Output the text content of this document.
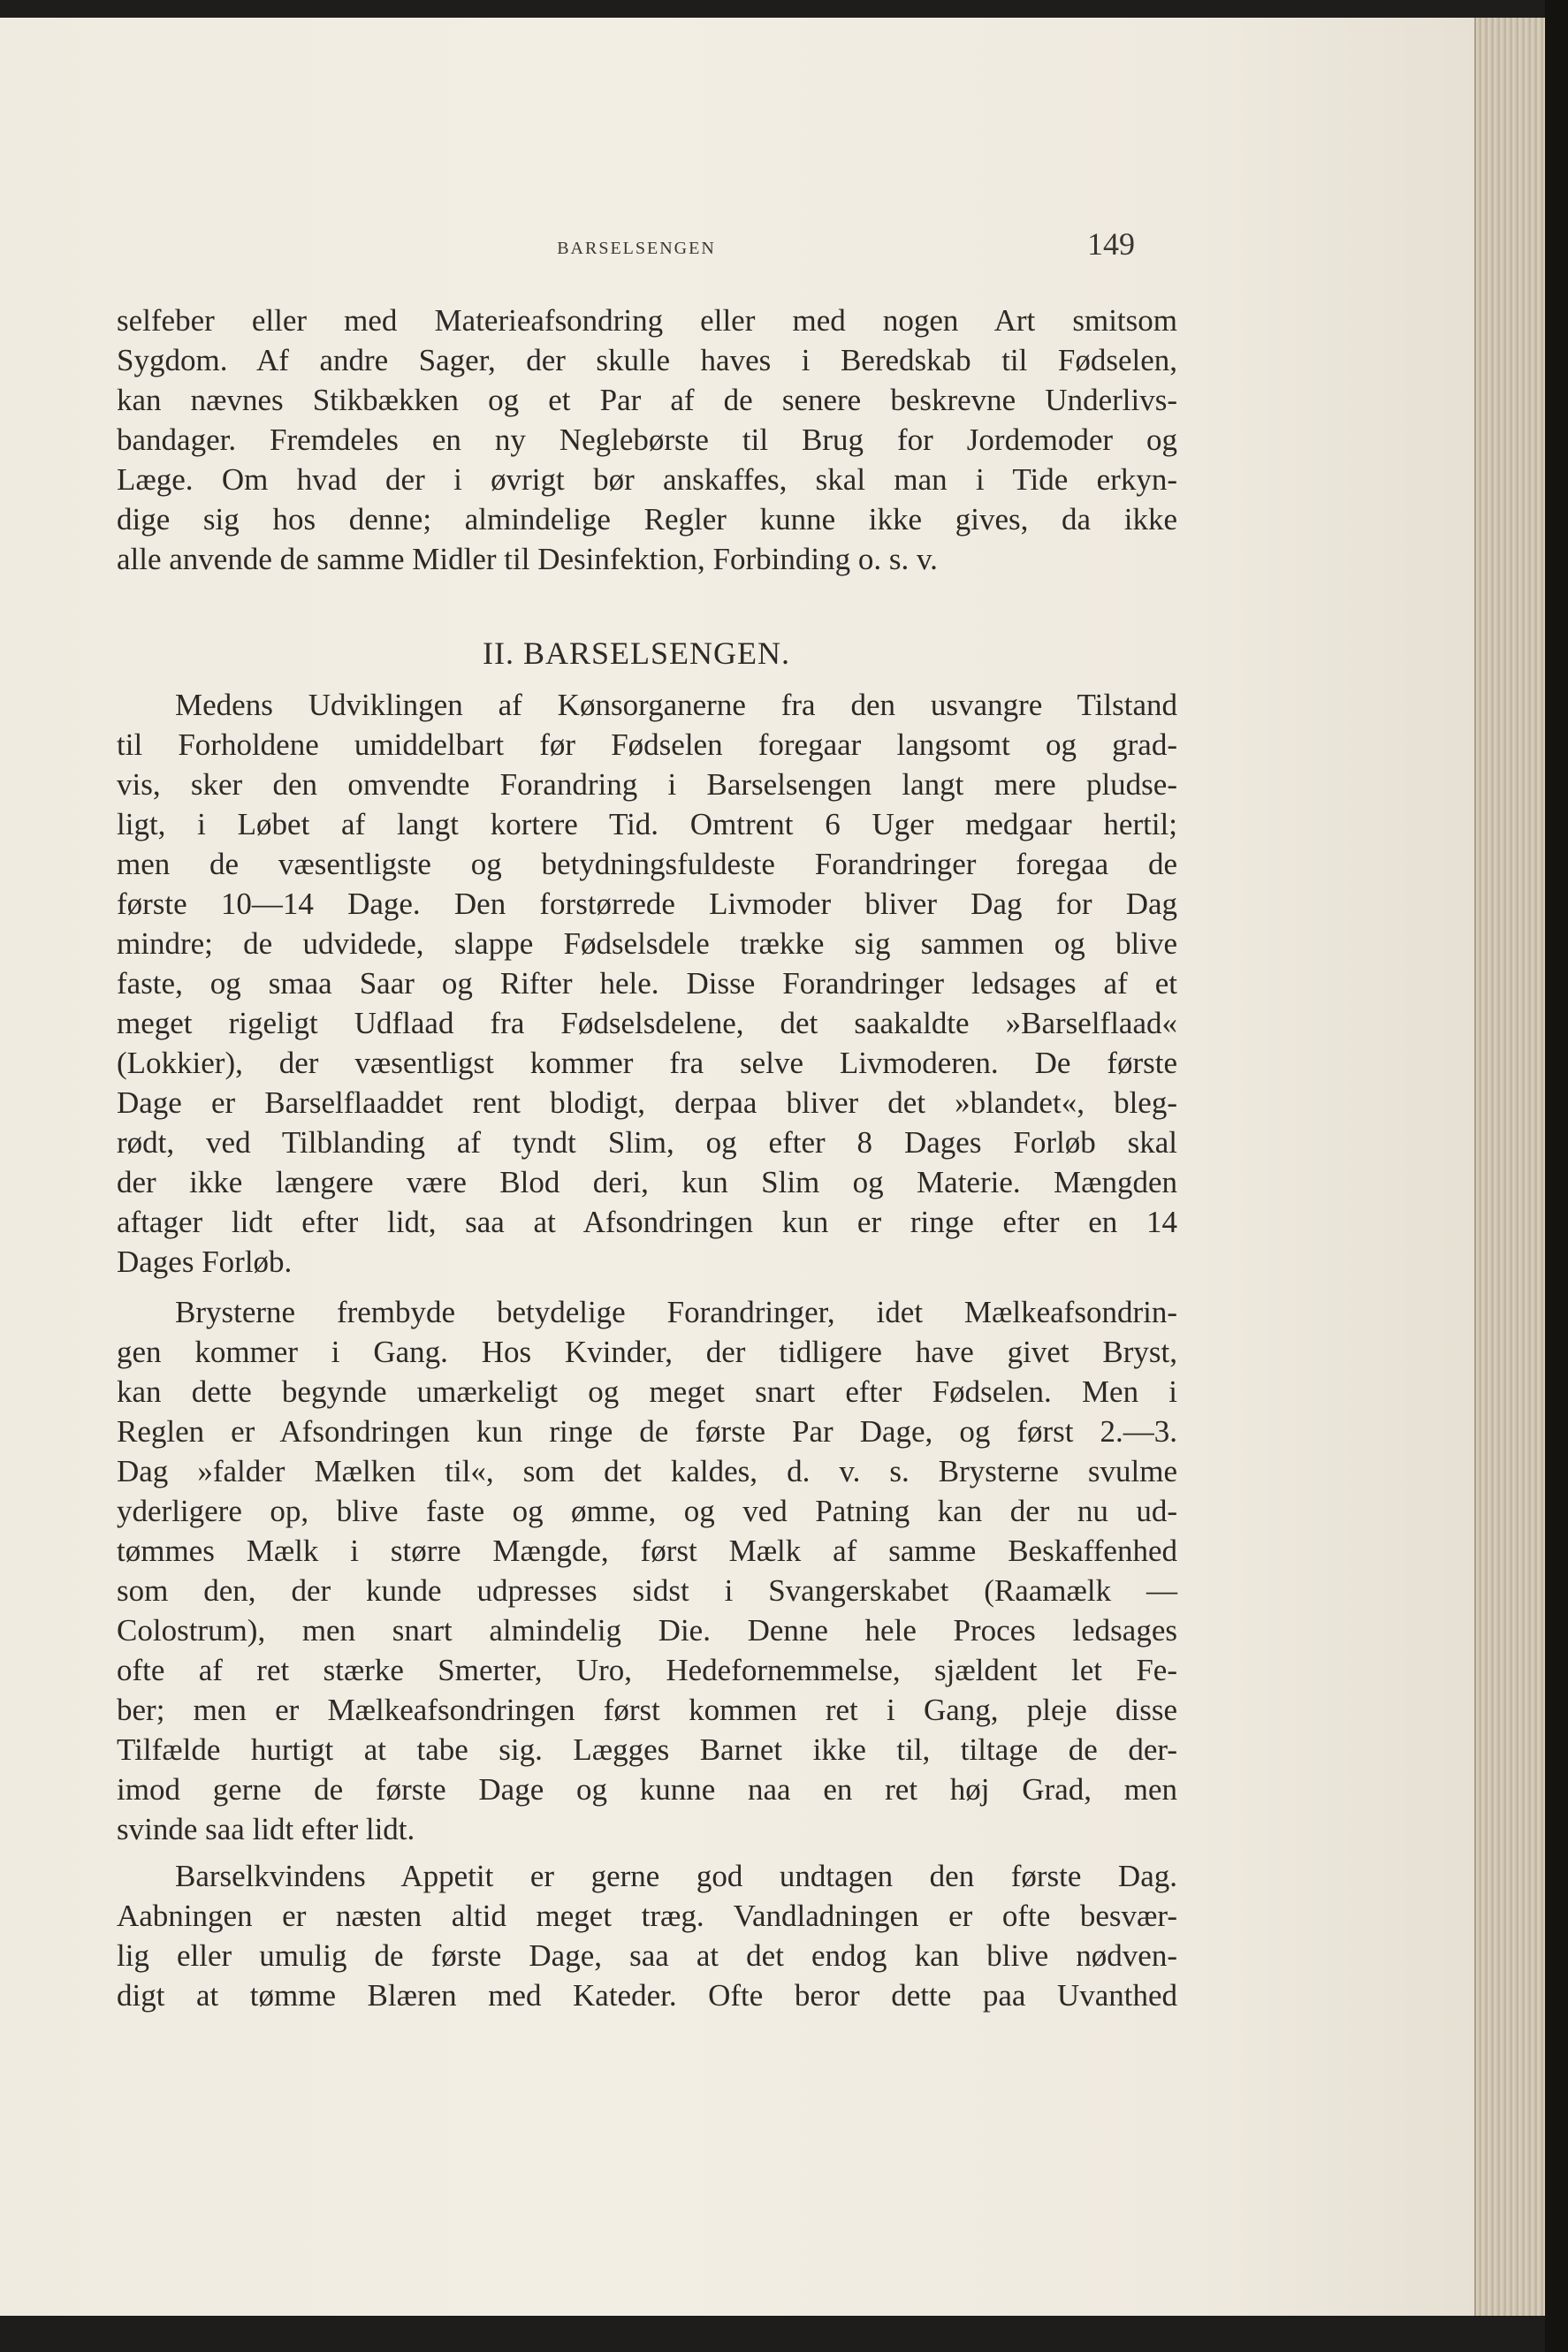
BARSELSENGEN	149
selfeber eller med Materieafsondring eller med nogen Art smitsom
Sygdom. Af andre Sager, der skulle haves i Beredskab til Fødselen,
kan nævnes Stikbækken og et Par af de senere beskrevne Underlivs-
bandager. Fremdeles en ny Neglebørste til Brug for Jordemoder og
Læge. Om hvad der i øvrigt bør anskaffes, skal man i Tide erkyn-
dige sig hos denne; almindelige Regler kunne ikke gives, da ikke
alle anvende de samme Midler til Desinfektion, Forbinding o. s. v.
II. BARSELSENGEN.
Medens Udviklingen af Kønsorganerne fra den usvangre Tilstand
til Forholdene umiddelbart før Fødselen foregaar langsomt og grad-
vis, sker den omvendte Forandring i Barselsengen langt mere pludse-
ligt, i Løbet af langt kortere Tid. Omtrent 6 Uger medgaar hertil;
men de væsentligste og betydningsfuldeste Forandringer foregaa de
første 10—14 Dage. Den forstørrede Livmoder bliver Dag for Dag
mindre; de udvidede, slappe Fødselsdele trække sig sammen og blive
faste, og smaa Saar og Rifter hele. Disse Forandringer ledsages af et
meget rigeligt Udflaad fra Fødselsdelene, det saakaldte »Barselflaad«
(Lokkier), der væsentligst kommer fra selve Livmoderen. De første
Dage er Barselflaaddet rent blodigt, derpaa bliver det »blandet«, bleg-
rødt, ved Tilblanding af tyndt Slim, og efter 8 Dages Forløb skal
der ikke længere være Blod deri, kun Slim og Materie. Mængden
aftager lidt efter lidt, saa at Afsondringen kun er ringe efter en 14
Dages Forløb.
Brysterne frembyde betydelige Forandringer, idet Mælkeafsondrin-
gen kommer i Gang. Hos Kvinder, der tidligere have givet Bryst,
kan dette begynde umærkeligt og meget snart efter Fødselen. Men i
Reglen er Afsondringen kun ringe de første Par Dage, og først 2.—3.
Dag »falder Mælken til«, som det kaldes, d. v. s. Brysterne svulme
yderligere op, blive faste og ømme, og ved Patning kan der nu ud-
tømmes Mælk i større Mængde, først Mælk af samme Beskaffenhed
som den, der kunde udpresses sidst i Svangerskabet (Raamælk —
Colostrum), men snart almindelig Die. Denne hele Proces ledsages
ofte af ret stærke Smerter, Uro, Hedefornemmelse, sjældent let Fe-
ber; men er Mælkeafsondringen først kommen ret i Gang, pleje disse
Tilfælde hurtigt at tabe sig. Lægges Barnet ikke til, tiltage de der-
imod gerne de første Dage og kunne naa en ret høj Grad, men
svinde saa lidt efter lidt.
Barselkvindens Appetit er gerne god undtagen den første Dag.
Aabningen er næsten altid meget træg. Vandladningen er ofte besvær-
lig eller umulig de første Dage, saa at det endog kan blive nødven-
digt at tømme Blæren med Kateder. Ofte beror dette paa Uvanthed
